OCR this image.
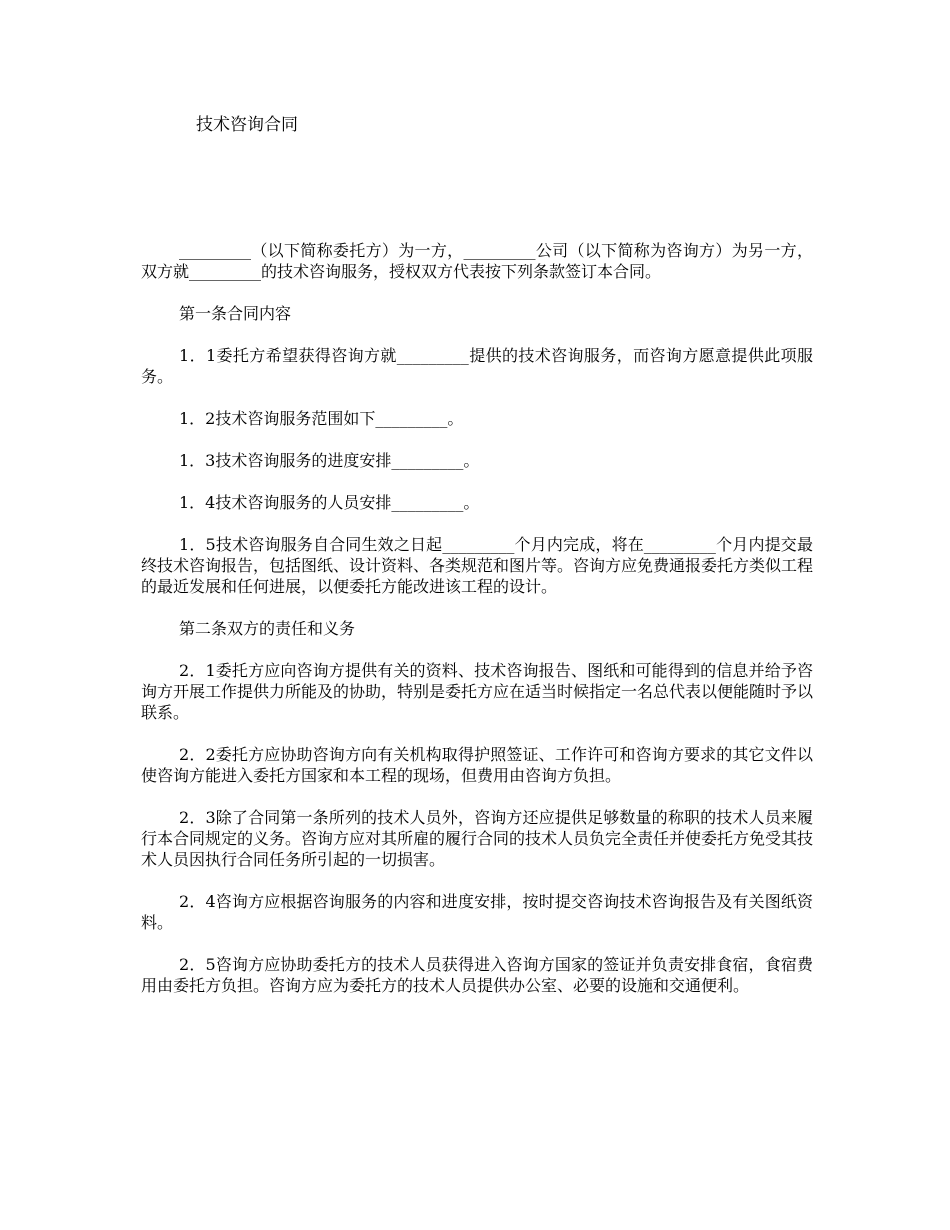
技术咨询合同

_________（以下简称委托方）为一方，_________公司（以下简称为咨询方）为另一方，双方就_________的技术咨询服务，授权双方代表按下列条款签订本合同。

第一条合同内容

1．1委托方希望获得咨询方就_________提供的技术咨询服务，而咨询方愿意提供此项服务。

1．2技术咨询服务范围如下_________。

1．3技术咨询服务的进度安排_________。

1．4技术咨询服务的人员安排_________。

1．5技术咨询服务自合同生效之日起_________个月内完成，将在_________个月内提交最终技术咨询报告，包括图纸、设计资料、各类规范和图片等。咨询方应免费通报委托方类似工程的最近发展和任何进展，以便委托方能改进该工程的设计。

第二条双方的责任和义务

2．1委托方应向咨询方提供有关的资料、技术咨询报告、图纸和可能得到的信息并给予咨询方开展工作提供力所能及的协助，特别是委托方应在适当时候指定一名总代表以便能随时予以联系。

2．2委托方应协助咨询方向有关机构取得护照签证、工作许可和咨询方要求的其它文件以使咨询方能进入委托方国家和本工程的现场，但费用由咨询方负担。

2．3除了合同第一条所列的技术人员外，咨询方还应提供足够数量的称职的技术人员来履行本合同规定的义务。咨询方应对其所雇的履行合同的技术人员负完全责任并使委托方免受其技术人员因执行合同任务所引起的一切损害。

2．4咨询方应根据咨询服务的内容和进度安排，按时提交咨询技术咨询报告及有关图纸资料。

2．5咨询方应协助委托方的技术人员获得进入咨询方国家的签证并负责安排食宿，食宿费用由委托方负担。咨询方应为委托方的技术人员提供办公室、必要的设施和交通便利。
